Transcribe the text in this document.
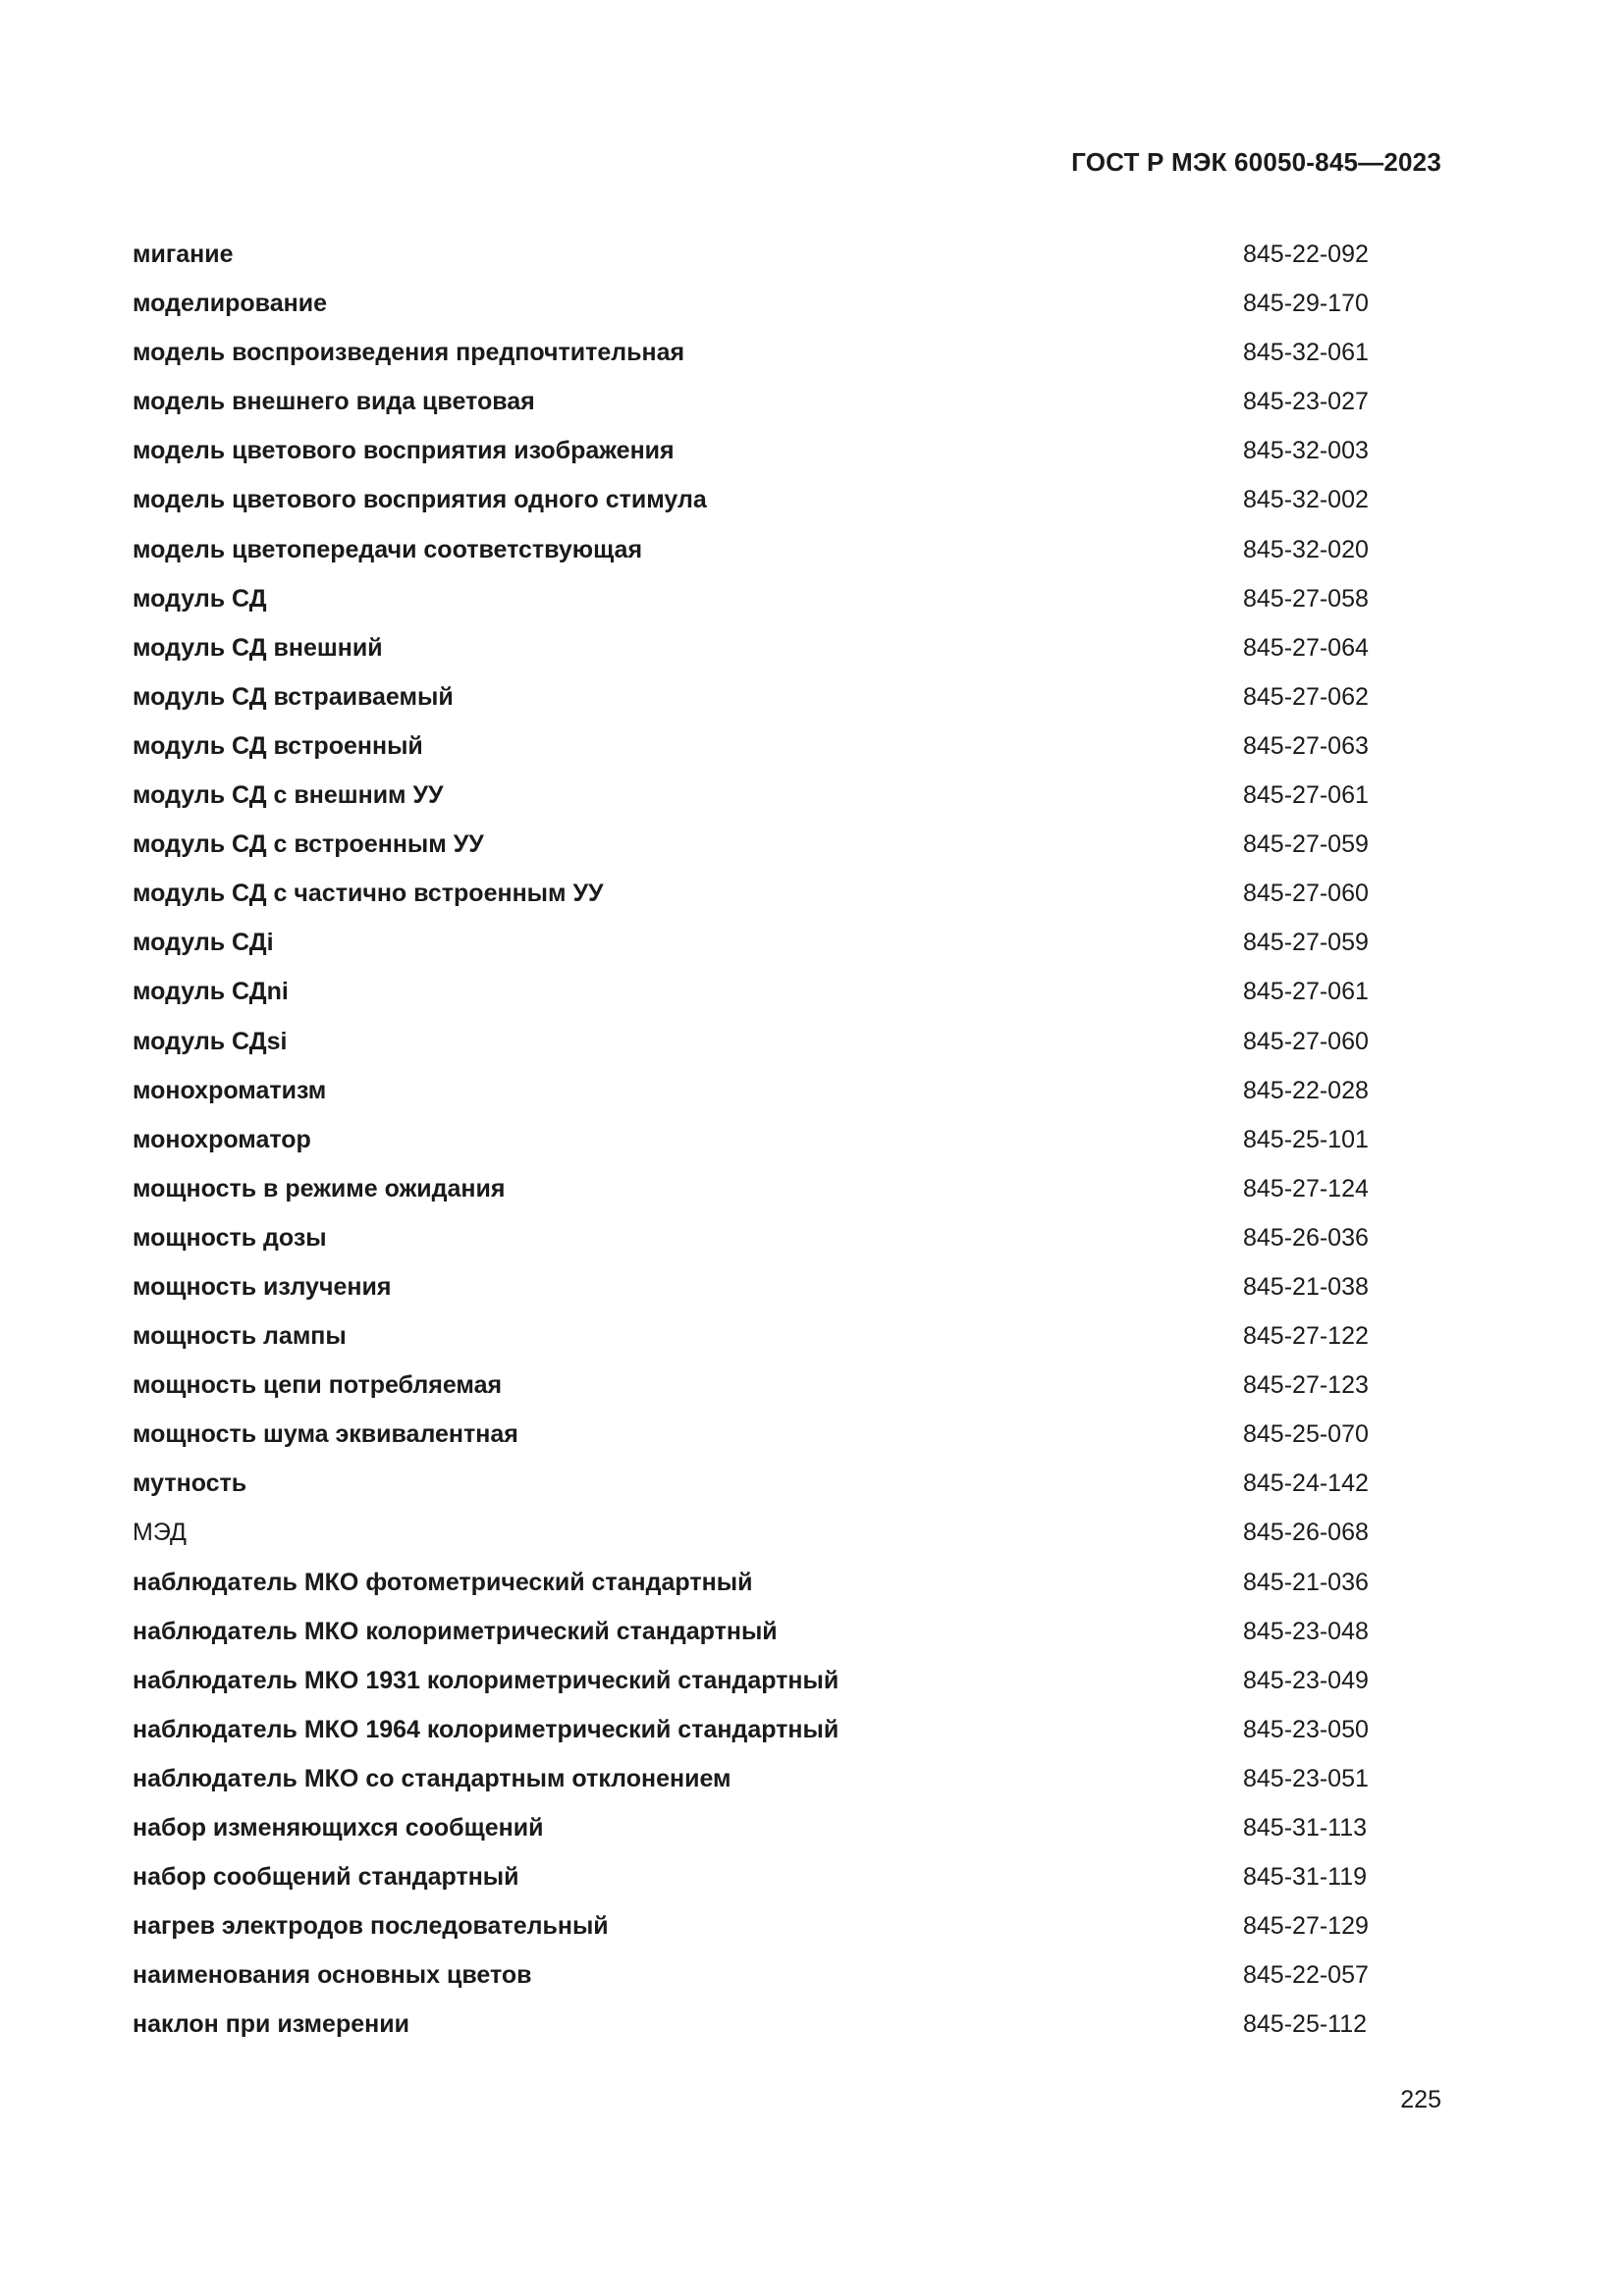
ГОСТ Р МЭК 60050-845—2023
мигание	845-22-092
моделирование	845-29-170
модель воспроизведения предпочтительная	845-32-061
модель внешнего вида цветовая	845-23-027
модель цветового восприятия изображения	845-32-003
модель цветового восприятия одного стимула	845-32-002
модель цветопередачи соответствующая	845-32-020
модуль СД	845-27-058
модуль СД внешний	845-27-064
модуль СД встраиваемый	845-27-062
модуль СД встроенный	845-27-063
модуль СД с внешним УУ	845-27-061
модуль СД с встроенным УУ	845-27-059
модуль СД с частично встроенным УУ	845-27-060
модуль СДi	845-27-059
модуль СДni	845-27-061
модуль СДsi	845-27-060
монохроматизм	845-22-028
монохроматор	845-25-101
мощность в режиме ожидания	845-27-124
мощность дозы	845-26-036
мощность излучения	845-21-038
мощность лампы	845-27-122
мощность цепи потребляемая	845-27-123
мощность шума эквивалентная	845-25-070
мутность	845-24-142
МЭД	845-26-068
наблюдатель МКО фотометрический стандартный	845-21-036
наблюдатель МКО колориметрический стандартный	845-23-048
наблюдатель МКО 1931 колориметрический стандартный	845-23-049
наблюдатель МКО 1964 колориметрический стандартный	845-23-050
наблюдатель МКО со стандартным отклонением	845-23-051
набор изменяющихся сообщений	845-31-113
набор сообщений стандартный	845-31-119
нагрев электродов последовательный	845-27-129
наименования основных цветов	845-22-057
наклон при измерении	845-25-112
225
